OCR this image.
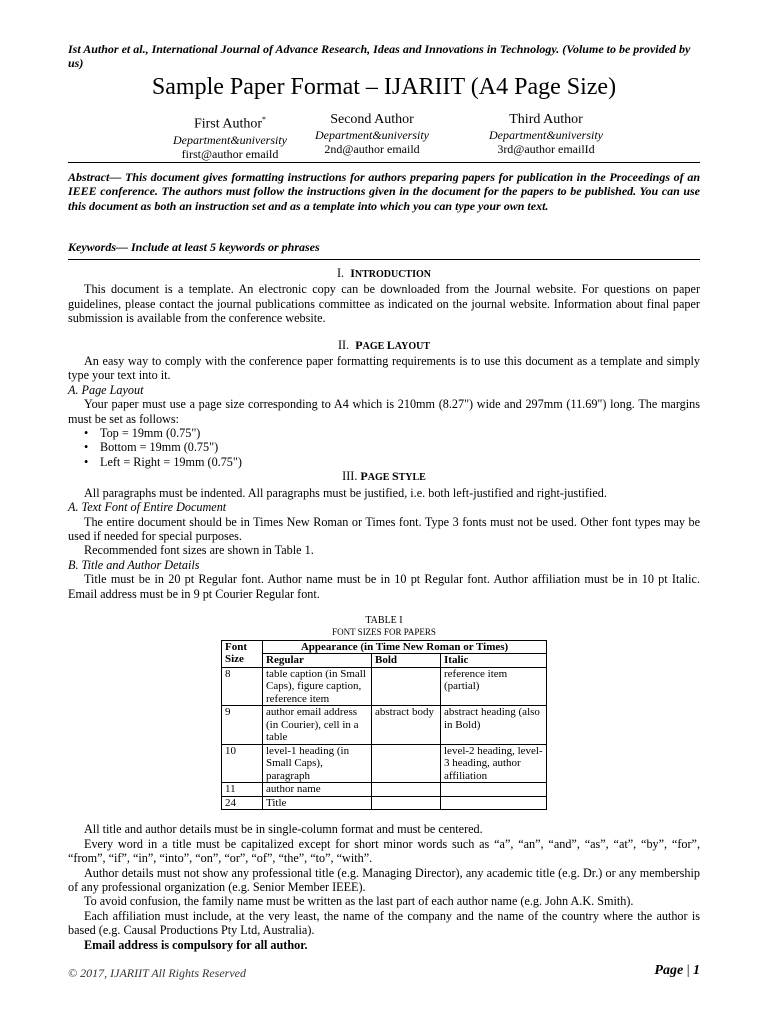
Ist Author et al., International Journal of Advance Research, Ideas and Innovations in Technology. (Volume to be provided by us)
Sample Paper Format – IJARIIT (A4 Page Size)
First Author*
Department&university
first@author emaild
Second Author
Department&university
2nd@author emaild
Third Author
Department&university
3rd@author emailId
Abstract— This document gives formatting instructions for authors preparing papers for publication in the Proceedings of an IEEE conference. The authors must follow the instructions given in the document for the papers to be published. You can use this document as both an instruction set and as a template into which you can type your own text.
Keywords— Include at least 5 keywords or phrases

I. INTRODUCTION

This document is a template. An electronic copy can be downloaded from the Journal website. For questions on paper guidelines, please contact the journal publications committee as indicated on the journal website. Information about final paper submission is available from the conference website.

II. PAGE LAYOUT

An easy way to comply with the conference paper formatting requirements is to use this document as a template and simply type your text into it.

A. Page Layout

Your paper must use a page size corresponding to A4 which is 210mm (8.27") wide and 297mm (11.69") long. The margins must be set as follows:

• Top = 19mm (0.75")
• Bottom = 19mm (0.75")
• Left = Right = 19mm (0.75")

III. PAGE STYLE

All paragraphs must be indented. All paragraphs must be justified, i.e. both left-justified and right-justified.

A. Text Font of Entire Document

The entire document should be in Times New Roman or Times font. Type 3 fonts must not be used. Other font types may be used if needed for special purposes.

Recommended font sizes are shown in Table 1.

B. Title and Author Details

Title must be in 20 pt Regular font. Author name must be in 10 pt Regular font. Author affiliation must be in 10 pt Italic. Email address must be in 9 pt Courier Regular font.

TABLE I
FONT SIZES FOR PAPERS
Font Size	Appearance (in Time New Roman or Times)		
	Regular	Bold	Italic
8	table caption (in Small Caps), figure caption, reference item		reference item (partial)
9	author email address (in Courier), cell in a table	abstract body	abstract heading (also in Bold)
10	level-1 heading (in Small Caps), paragraph		level-2 heading, level-3 heading, author affiliation
11	author name		
24	Title		

All title and author details must be in single-column format and must be centered.

Every word in a title must be capitalized except for short minor words such as “a”, “an”, “and”, “as”, “at”, “by”, “for”, “from”, “if”, “in”, “into”, “on”, “or”, “of”, “the”, “to”, “with”.

Author details must not show any professional title (e.g. Managing Director), any academic title (e.g. Dr.) or any membership of any professional organization (e.g. Senior Member IEEE).

To avoid confusion, the family name must be written as the last part of each author name (e.g. John A.K. Smith).

Each affiliation must include, at the very least, the name of the company and the name of the country where the author is based (e.g. Causal Productions Pty Ltd, Australia).

Email address is compulsory for all author.

© 2017, IJARIIT All Rights Reserved	Page | 1
